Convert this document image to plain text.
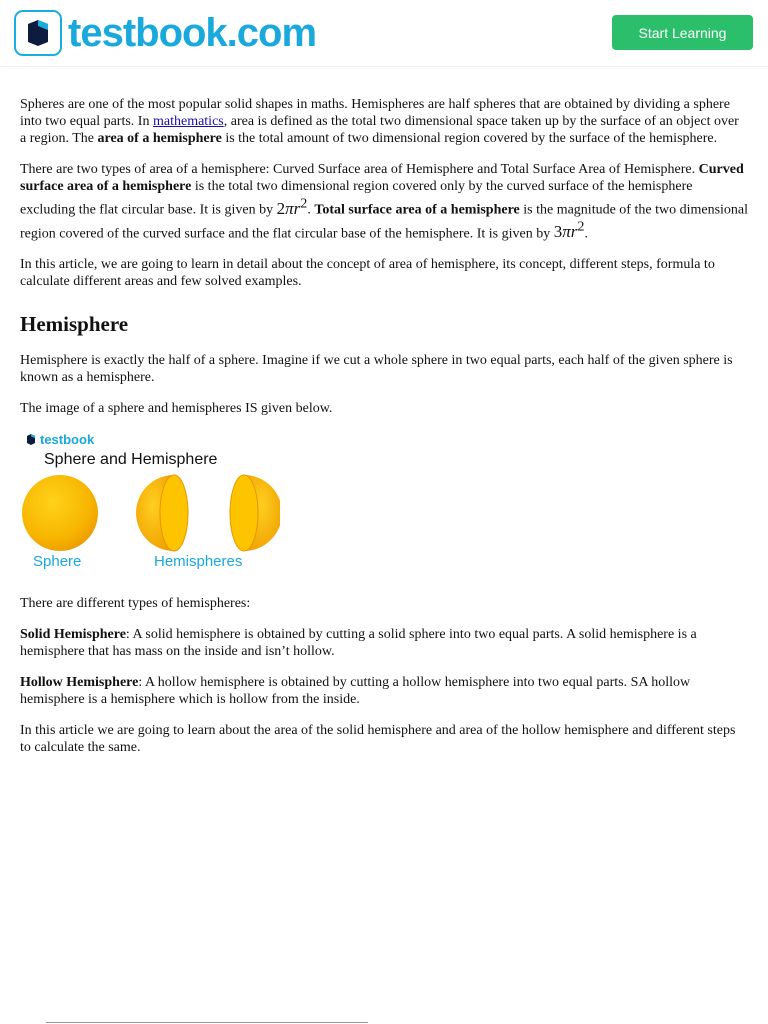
testbook.com	Start Learning

Spheres are one of the most popular solid shapes in maths. Hemispheres are half spheres that are obtained by dividing a sphere into two equal parts. In mathematics, area is defined as the total two dimensional space taken up by the surface of an object over a region. The area of a hemisphere is the total amount of two dimensional region covered by the surface of the hemisphere.

There are two types of area of a hemisphere: Curved Surface area of Hemisphere and Total Surface Area of Hemisphere. Curved surface area of a hemisphere is the total two dimensional region covered only by the curved surface of the hemisphere excluding the flat circular base. It is given by $2\pi r^2$. Total surface area of a hemisphere is the magnitude of the two dimensional region covered of the curved surface and the flat circular base of the hemisphere. It is given by $3\pi r^2$.

In this article, we are going to learn in detail about the concept of area of hemisphere, its concept, different steps, formula to calculate different areas and few solved examples.

Hemisphere

Hemisphere is exactly the half of a sphere. Imagine if we cut a whole sphere in two equal parts, each half of the given sphere is known as a hemisphere.

The image of a sphere and hemispheres IS given below.

testbook
Sphere and Hemisphere
Sphere	Hemispheres

There are different types of hemispheres:

Solid Hemisphere: A solid hemisphere is obtained by cutting a solid sphere into two equal parts. A solid hemisphere is a hemisphere that has mass on the inside and isn’t hollow.

Hollow Hemisphere: A hollow hemisphere is obtained by cutting a hollow hemisphere into two equal parts. SA hollow hemisphere is a hemisphere which is hollow from the inside.

In this article we are going to learn about the area of the solid hemisphere and area of the hollow hemisphere and different steps to calculate the same.
